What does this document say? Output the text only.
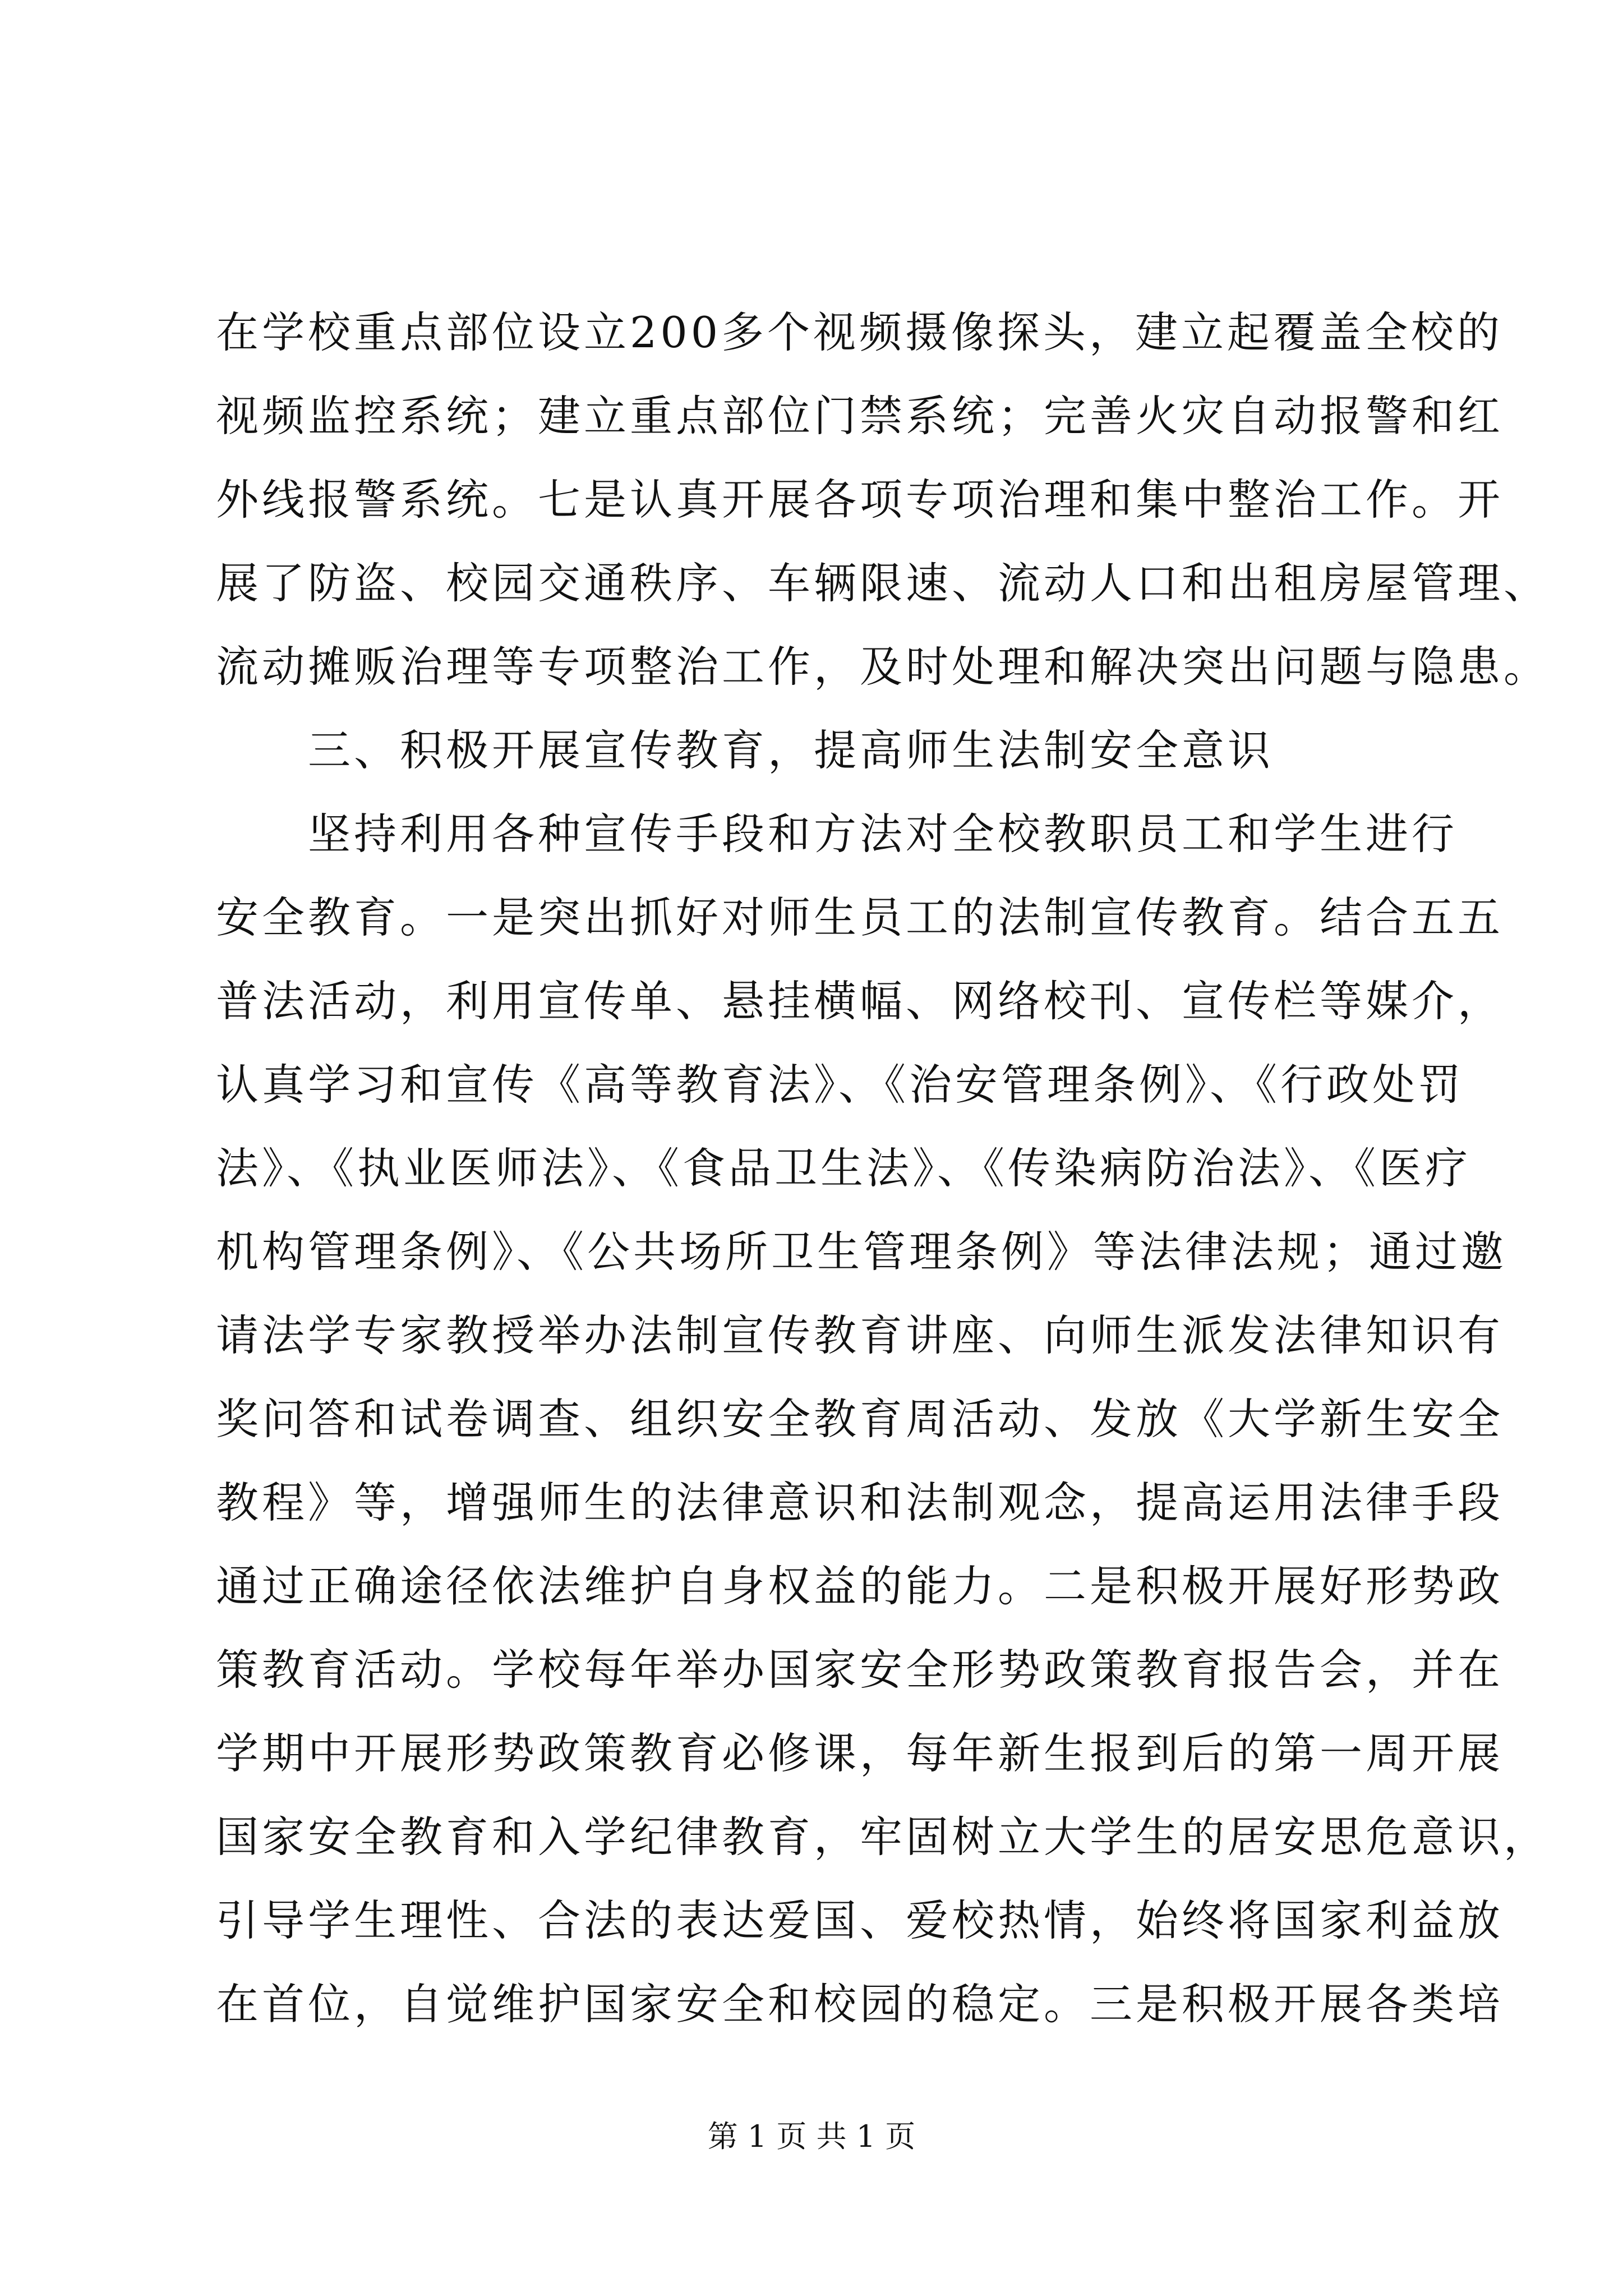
在学校重点部位设立200多个视频摄像探头，建立起覆盖全校的
视频监控系统；建立重点部位门禁系统；完善火灾自动报警和红
外线报警系统。七是认真开展各项专项治理和集中整治工作。开
展了防盗、校园交通秩序、车辆限速、流动人口和出租房屋管理、
流动摊贩治理等专项整治工作，及时处理和解决突出问题与隐患。
三、积极开展宣传教育，提高师生法制安全意识
坚持利用各种宣传手段和方法对全校教职员工和学生进行
安全教育。一是突出抓好对师生员工的法制宣传教育。结合五五
普法活动，利用宣传单、悬挂横幅、网络校刊、宣传栏等媒介，
认真学习和宣传《高等教育法》、《治安管理条例》、《行政处罚
法》、《执业医师法》、《食品卫生法》、《传染病防治法》、《医疗
机构管理条例》、《公共场所卫生管理条例》等法律法规；通过邀
请法学专家教授举办法制宣传教育讲座、向师生派发法律知识有
奖问答和试卷调查、组织安全教育周活动、发放《大学新生安全
教程》等，增强师生的法律意识和法制观念，提高运用法律手段
通过正确途径依法维护自身权益的能力。二是积极开展好形势政
策教育活动。学校每年举办国家安全形势政策教育报告会，并在
学期中开展形势政策教育必修课，每年新生报到后的第一周开展
国家安全教育和入学纪律教育，牢固树立大学生的居安思危意识，
引导学生理性、合法的表达爱国、爱校热情，始终将国家利益放
在首位，自觉维护国家安全和校园的稳定。三是积极开展各类培
第 1 页 共 1 页
